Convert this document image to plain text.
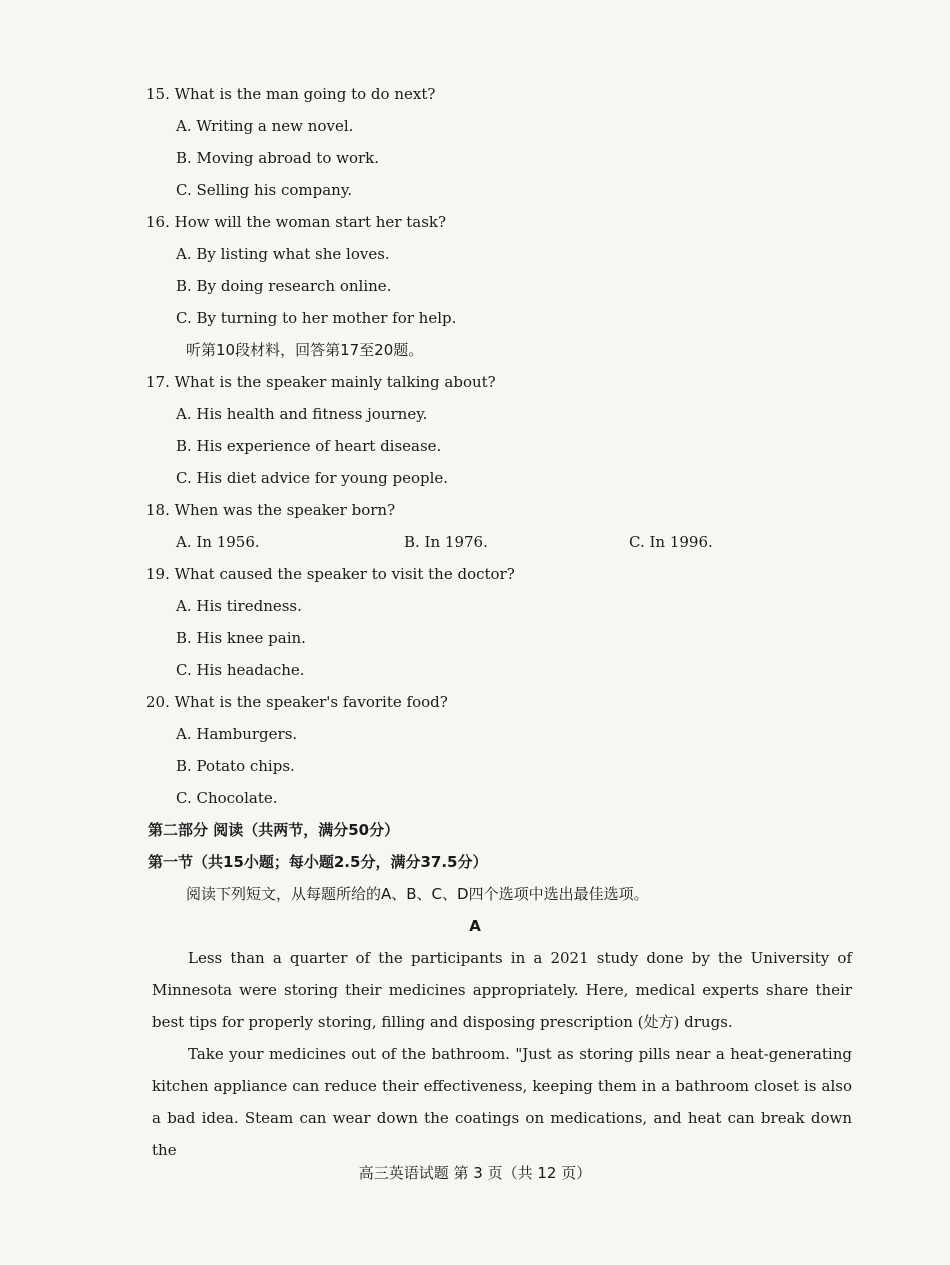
15. What is the man going to do next?
A. Writing a new novel.
B. Moving abroad to work.
C. Selling his company.
16. How will the woman start her task?
A. By listing what she loves.
B. By doing research online.
C. By turning to her mother for help.
听第10段材料，回答第17至20题。
17. What is the speaker mainly talking about?
A. His health and fitness journey.
B. His experience of heart disease.
C. His diet advice for young people.
18. When was the speaker born?
A. In 1956.	B. In 1976.	C. In 1996.
19. What caused the speaker to visit the doctor?
A. His tiredness.
B. His knee pain.
C. His headache.
20. What is the speaker's favorite food?
A. Hamburgers.
B. Potato chips.
C. Chocolate.
第二部分 阅读（共两节，满分50分）
第一节（共15小题；每小题2.5分，满分37.5分）
阅读下列短文，从每题所给的A、B、C、D四个选项中选出最佳选项。
A
Less than a quarter of the participants in a 2021 study done by the University of Minnesota were storing their medicines appropriately. Here, medical experts share their best tips for properly storing, filling and disposing prescription (处方) drugs.
Take your medicines out of the bathroom. "Just as storing pills near a heat-generating kitchen appliance can reduce their effectiveness, keeping them in a bathroom closet is also a bad idea. Steam can wear down the coatings on medications, and heat can break down the
高三英语试题 第 3 页（共 12 页）
